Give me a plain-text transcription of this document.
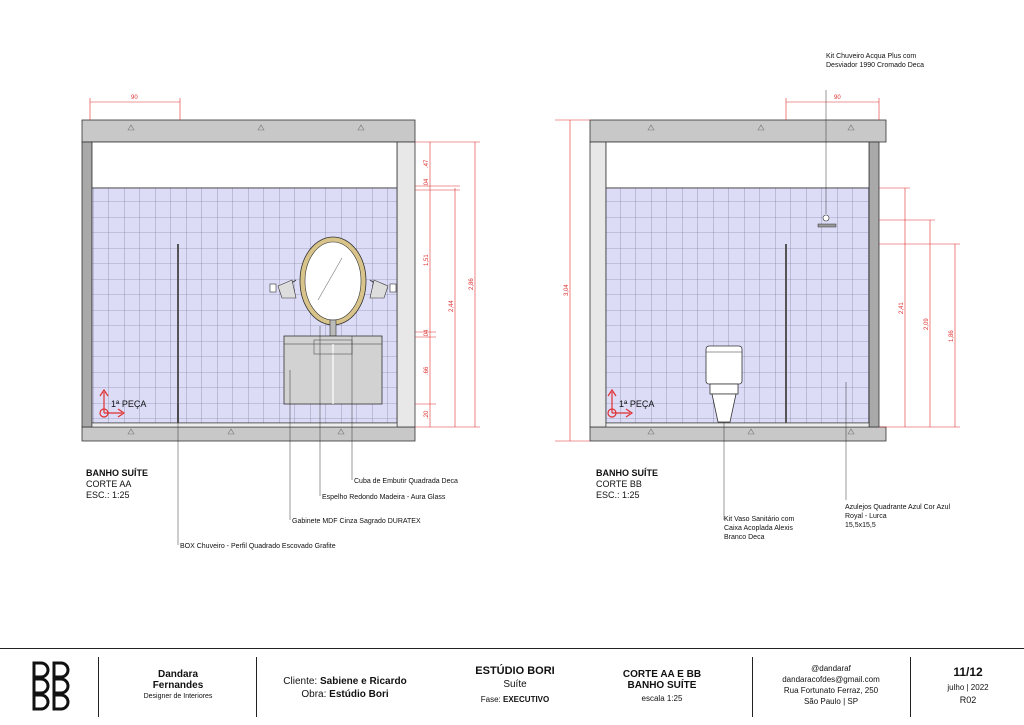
90
.47
.04
1,51
.04
.66
.20
2,44
2,86
90
3,04
2,41
2,09
1,86
1ª PEÇA	1ª PEÇA
BANHO SUÍTE
CORTE AA
ESC.: 1:25
BANHO SUÍTE
CORTE BB
ESC.: 1:25
Cuba de Embutir Quadrada Deca
Espelho Redondo Madeira - Aura Glass
Gabinete MDF Cinza Sagrado DURATEX
BOX Chuveiro - Perfil Quadrado Escovado Grafite
Kit Chuveiro Acqua Plus com
Desviador 1990 Cromado Deca
Kit Vaso Sanitário com
Caixa Acoplada Alexis
Branco Deca
Azulejos Quadrante Azul Cor Azul
Royal - Lurca
15,5x15,5
Dandara
Fernandes
Designer de Interiores
Cliente: Sabiene e Ricardo
Obra: Estúdio Bori
ESTÚDIO BORI
Suíte
Fase: EXECUTIVO
CORTE AA E BB
BANHO SUÍTE
escala 1:25
@dandaraf
dandaracofdes@gmail.com
Rua Fortunato Ferraz, 250
São Paulo | SP
11/12
julho | 2022
R02
